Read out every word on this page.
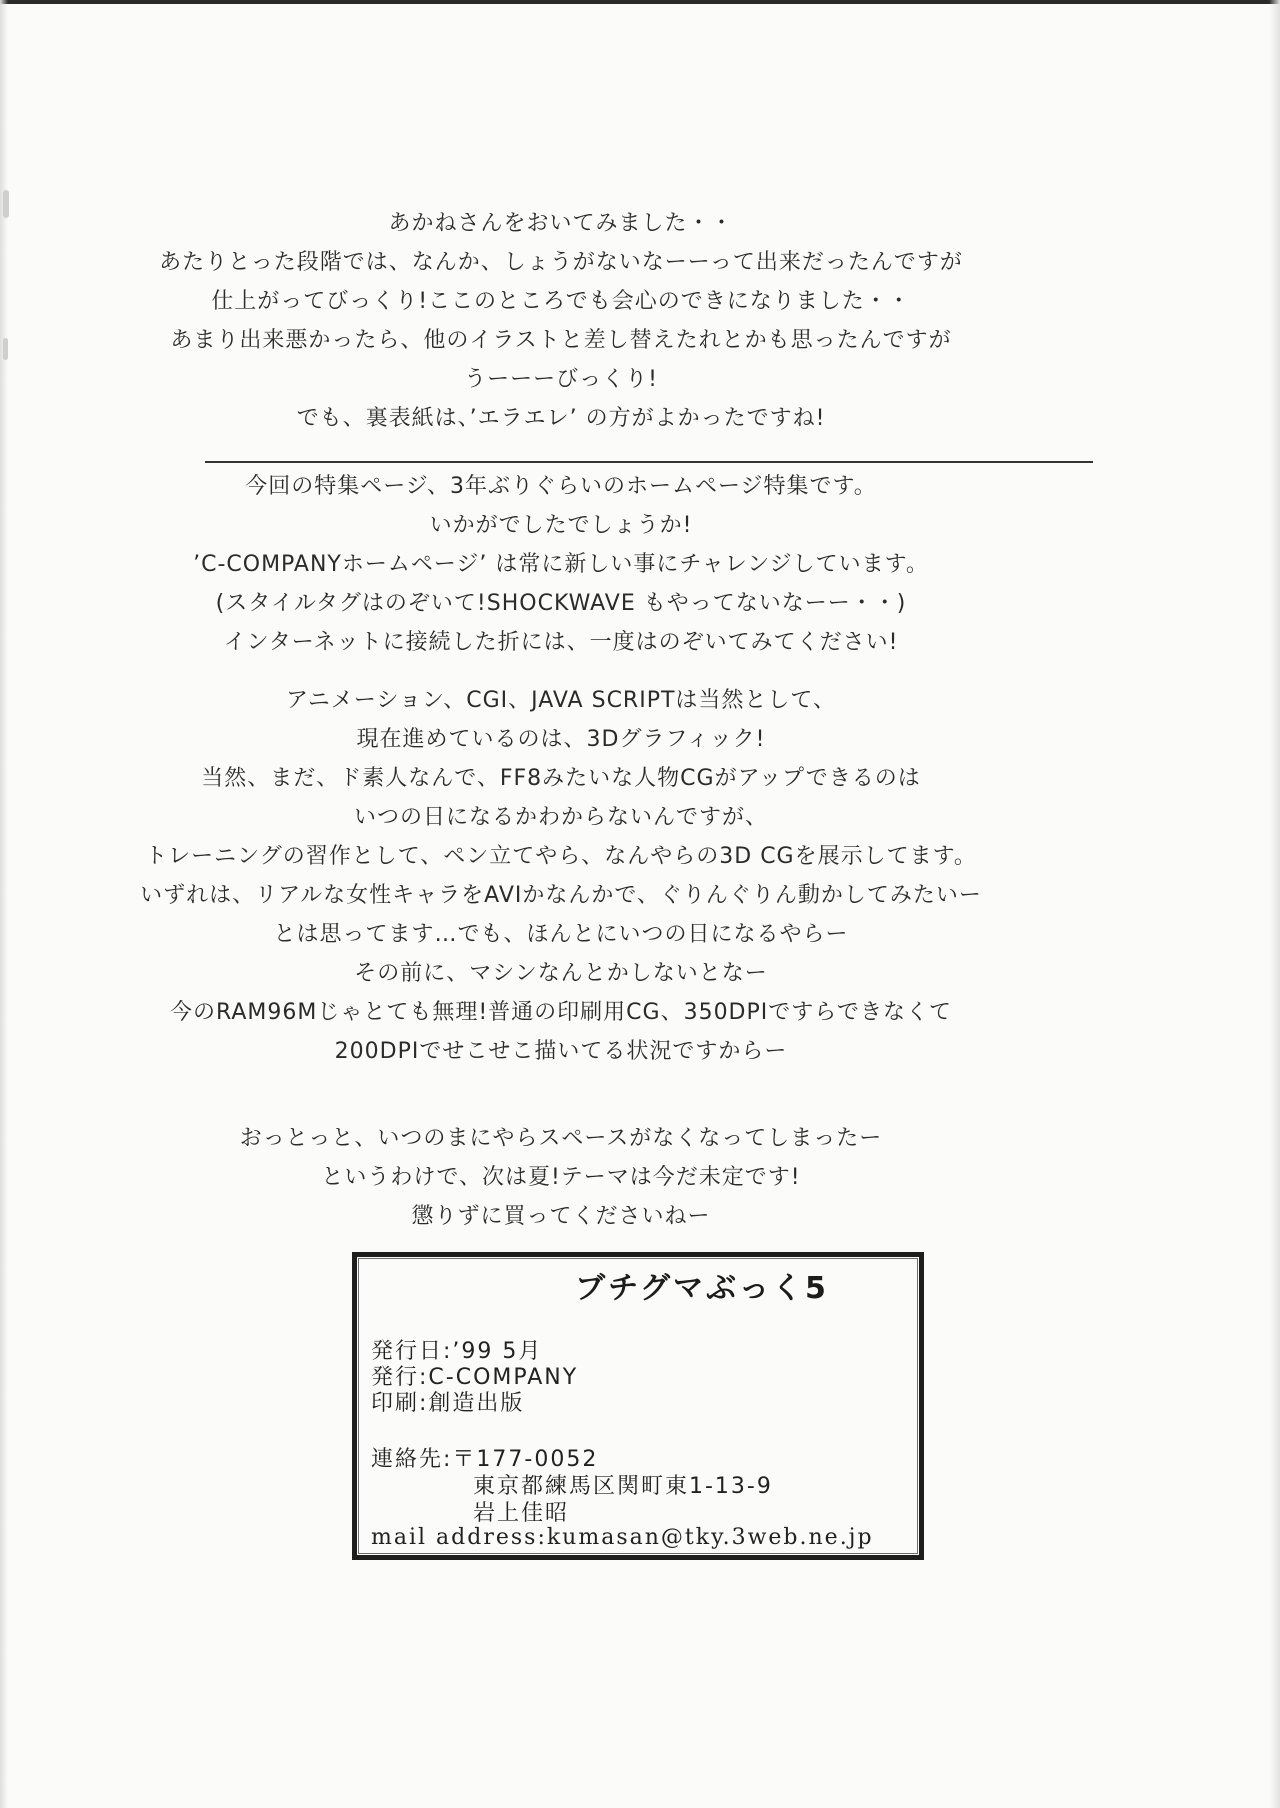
あかねさんをおいてみました・・

あたりとった段階では、なんか、しょうがないなーーって出来だったんですが

仕上がってびっくり!ここのところでも会心のできになりました・・

あまり出来悪かったら、他のイラストと差し替えたれとかも思ったんですが

うーーーびっくり!

でも、裏表紙は、’エラエレ’ の方がよかったですね!

今回の特集ページ、3年ぶりぐらいのホームページ特集です。

いかがでしたでしょうか!

’C-COMPANYホームページ’ は常に新しい事にチャレンジしています。

(スタイルタグはのぞいて!SHOCKWAVE もやってないなーー・・)

インターネットに接続した折には、一度はのぞいてみてください!

アニメーション、CGI、JAVA SCRIPTは当然として、

現在進めているのは、3Dグラフィック!

当然、まだ、ド素人なんで、FF8みたいな人物CGがアップできるのは

いつの日になるかわからないんですが、

トレーニングの習作として、ペン立てやら、なんやらの3D CGを展示してます。

いずれは、リアルな女性キャラをAVIかなんかで、ぐりんぐりん動かしてみたいー

とは思ってます…でも、ほんとにいつの日になるやらー

その前に、マシンなんとかしないとなー

今のRAM96Mじゃとても無理!普通の印刷用CG、350DPIですらできなくて

200DPIでせこせこ描いてる状況ですからー

おっとっと、いつのまにやらスペースがなくなってしまったー

というわけで、次は夏!テーマは今だ未定です!

懲りずに買ってくださいねー

ブチグマぶっく5
発行日:’99 5月
発行:C-COMPANY
印刷:創造出版
連絡先:〒177-0052
東京都練馬区関町東1-13-9
岩上佳昭
mail address:kumasan@tky.3web.ne.jp
